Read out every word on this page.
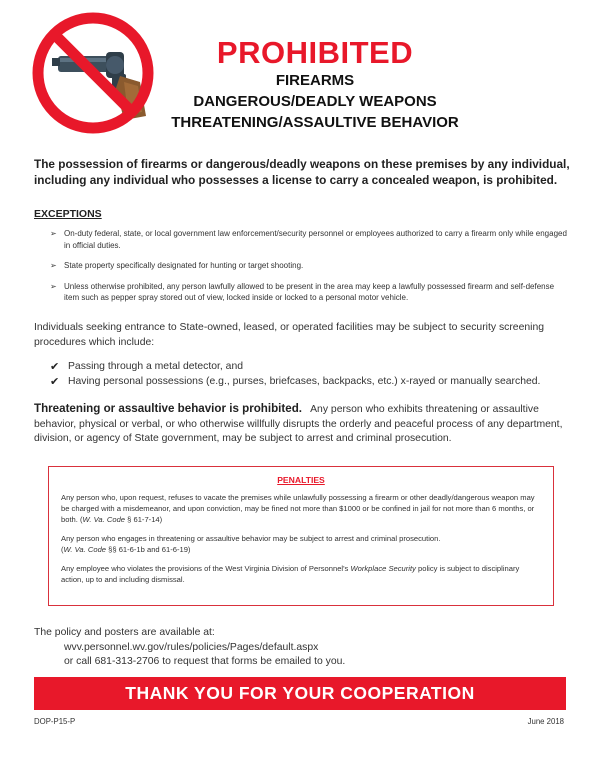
PROHIBITED
FIREARMS
DANGEROUS/DEADLY WEAPONS
THREATENING/ASSAULTIVE BEHAVIOR
The possession of firearms or dangerous/deadly weapons on these premises by any individual, including any individual who possesses a license to carry a concealed weapon, is prohibited.
EXCEPTIONS
➢ On-duty federal, state, or local government law enforcement/security personnel or employees authorized to carry a firearm only while engaged in official duties.
➢ State property specifically designated for hunting or target shooting.
➢ Unless otherwise prohibited, any person lawfully allowed to be present in the area may keep a lawfully possessed firearm and self-defense item such as pepper spray stored out of view, locked inside or locked to a personal motor vehicle.
Individuals seeking entrance to State-owned, leased, or operated facilities may be subject to security screening procedures which include:
✔ Passing through a metal detector, and
✔ Having personal possessions (e.g., purses, briefcases, backpacks, etc.) x-rayed or manually searched.
Threatening or assaultive behavior is prohibited. Any person who exhibits threatening or assaultive behavior, physical or verbal, or who otherwise willfully disrupts the orderly and peaceful process of any department, division, or agency of State government, may be subject to arrest and criminal prosecution.
PENALTIES

Any person who, upon request, refuses to vacate the premises while unlawfully possessing a firearm or other deadly/dangerous weapon may be charged with a misdemeanor, and upon conviction, may be fined not more than $1000 or be confined in jail for not more than 6 months, or both. (W. Va. Code § 61-7-14)

Any person who engages in threatening or assaultive behavior may be subject to arrest and criminal prosecution.
(W. Va. Code §§ 61-6-1b and 61-6-19)

Any employee who violates the provisions of the West Virginia Division of Personnel's Workplace Security policy is subject to disciplinary action, up to and including dismissal.

The policy and posters are available at:
wvv.personnel.wv.gov/rules/policies/Pages/default.aspx
or call 681-313-2706 to request that forms be emailed to you.
THANK YOU FOR YOUR COOPERATION
DOP-P15-P	June 2018
